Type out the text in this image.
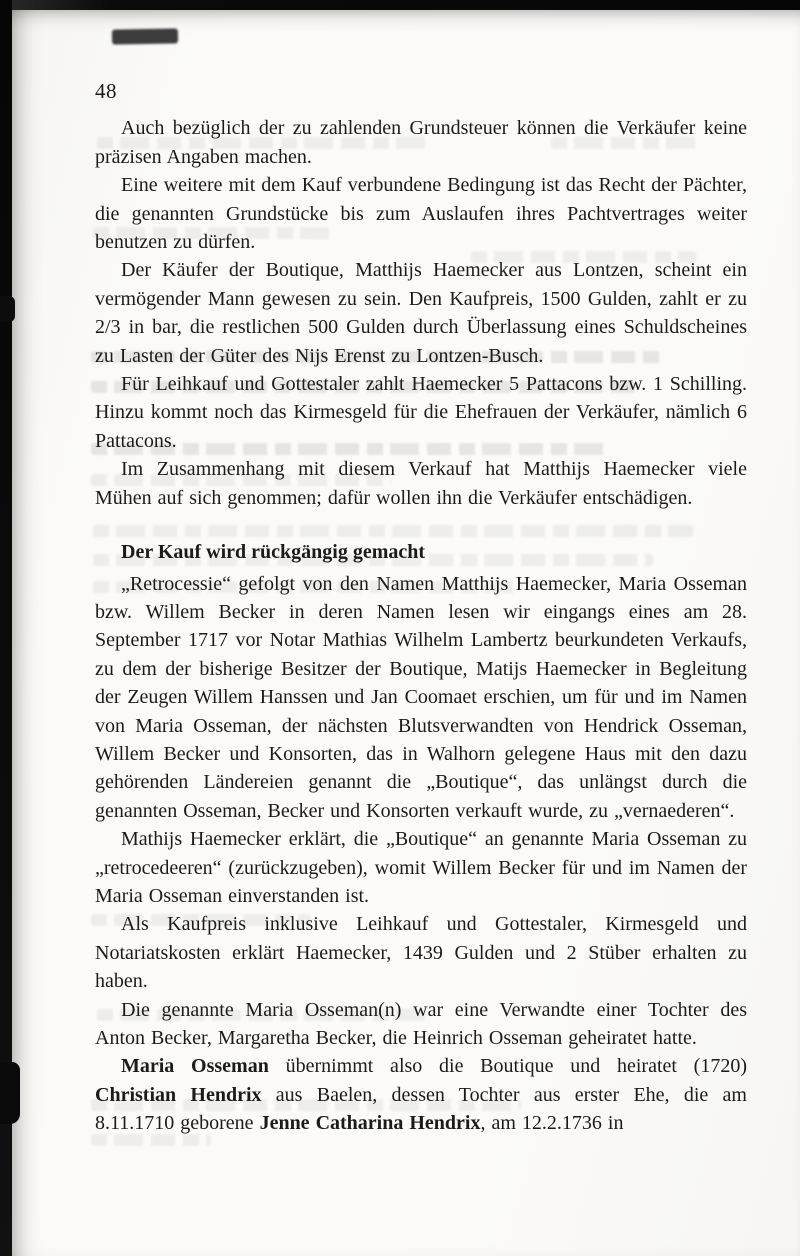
48

Auch bezüglich der zu zahlenden Grundsteuer können die Verkäufer keine präzisen Angaben machen.

Eine weitere mit dem Kauf verbundene Bedingung ist das Recht der Pächter, die genannten Grundstücke bis zum Auslaufen ihres Pachtvertrages weiter benutzen zu dürfen.

Der Käufer der Boutique, Matthijs Haemecker aus Lontzen, scheint ein vermögender Mann gewesen zu sein. Den Kaufpreis, 1500 Gulden, zahlt er zu 2/3 in bar, die restlichen 500 Gulden durch Überlassung eines Schuldscheines zu Lasten der Güter des Nijs Erenst zu Lontzen-Busch.

Für Leihkauf und Gottestaler zahlt Haemecker 5 Pattacons bzw. 1 Schilling. Hinzu kommt noch das Kirmesgeld für die Ehefrauen der Verkäufer, nämlich 6 Pattacons.

Im Zusammenhang mit diesem Verkauf hat Matthijs Haemecker viele Mühen auf sich genommen; dafür wollen ihn die Verkäufer entschädigen.

Der Kauf wird rückgängig gemacht

„Retrocessie“ gefolgt von den Namen Matthijs Haemecker, Maria Osseman bzw. Willem Becker in deren Namen lesen wir eingangs eines am 28. September 1717 vor Notar Mathias Wilhelm Lambertz beurkundeten Verkaufs, zu dem der bisherige Besitzer der Boutique, Matijs Haemecker in Begleitung der Zeugen Willem Hanssen und Jan Coomaet erschien, um für und im Namen von Maria Osseman, der nächsten Blutsverwandten von Hendrick Osseman, Willem Becker und Konsorten, das in Walhorn gelegene Haus mit den dazu gehörenden Ländereien genannt die „Boutique“, das unlängst durch die genannten Osseman, Becker und Konsorten verkauft wurde, zu „vernaederen“.

Mathijs Haemecker erklärt, die „Boutique“ an genannte Maria Osseman zu „retrocedeeren“ (zurückzugeben), womit Willem Becker für und im Namen der Maria Osseman einverstanden ist.

Als Kaufpreis inklusive Leihkauf und Gottestaler, Kirmesgeld und Notariatskosten erklärt Haemecker, 1439 Gulden und 2 Stüber erhalten zu haben.

Die genannte Maria Osseman(n) war eine Verwandte einer Tochter des Anton Becker, Margaretha Becker, die Heinrich Osseman geheiratet hatte.

Maria Osseman übernimmt also die Boutique und heiratet (1720) Christian Hendrix aus Baelen, dessen Tochter aus erster Ehe, die am 8.11.1710 geborene Jenne Catharina Hendrix, am 12.2.1736 in
